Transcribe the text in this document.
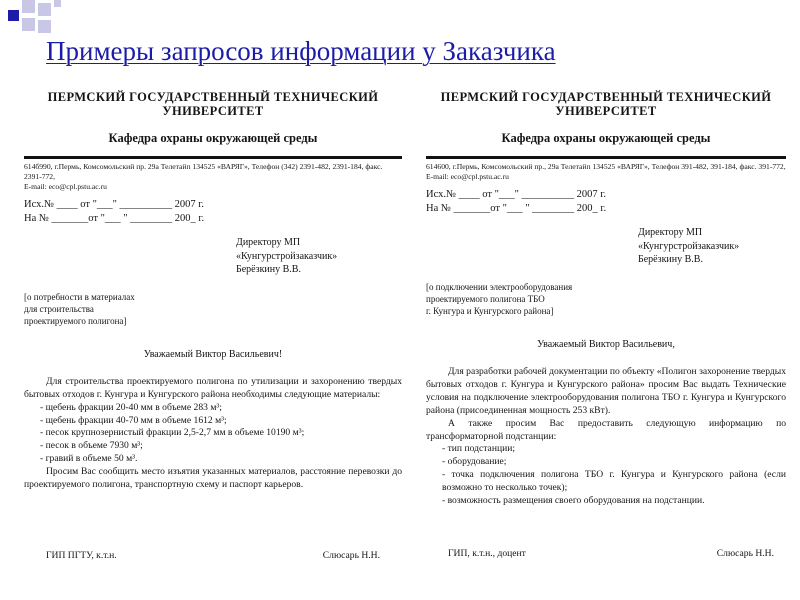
Примеры запросов информации у Заказчика
ПЕРМСКИЙ ГОСУДАРСТВЕННЫЙ ТЕХНИЧЕСКИЙ
УНИВЕРСИТЕТ
Кафедра охраны окружающей среды
614б990, г.Пермь, Комсомольский пр. 29а Телетайп 134525 «ВАРЯГ», Телефон (342) 2391-482, 2391-184, факс. 2391-772,
E-mail: eco@cpl.pstu.ac.ru
Исх.№ ____ от "___" __________ 2007 г.
На № _______от "___ " ________ 200_ г.
Директору МП
«Кунгурстройзаказчик»
Берёзкину В.В.
[о потребности в материалах
для строительства
проектируемого полигона]
Уважаемый Виктор Васильевич!

Для строительства проектируемого полигона по утилизации и захоронению твердых бытовых отходов г. Кунгура и Кунгурского района необходимы следующие материалы:

- щебень фракции 20-40 мм в объеме 283 м³;

- щебень фракции 40-70 мм в объеме 1612 м³;

- песок крупнозернистый фракции 2,5-2,7 мм в объеме 10190 м³;

- песок в объеме 7930 м³;

- гравий в объеме 50 м³.

Просим Вас сообщить место изъятия указанных материалов, расстояние перевозки до проектируемого полигона, транспортную схему и паспорт карьеров.

ГИП ПГТУ, к.т.н.	Слюсарь Н.Н.
ПЕРМСКИЙ ГОСУДАРСТВЕННЫЙ ТЕХНИЧЕСКИЙ
УНИВЕРСИТЕТ
Кафедра охраны окружающей среды
614600, г.Пермь, Комсомольский пр., 29а Телетайп 134525 «ВАРЯГ», Телефон 391-482, 391-184, факс. 391-772,
E-mail: eco@cpl.pstu.ac.ru
Исх.№ ____ от "___" __________ 2007 г.
На № _______от "___ " ________ 200_ г.
Директору МП
«Кунгурстройзаказчик»
Берёзкину В.В.
[о подключении электрооборудования
проектируемого полигона ТБО
г. Кунгура и Кунгурского района]
Уважаемый Виктор Васильевич,

Для разработки рабочей документации по объекту «Полигон захоронение твердых бытовых отходов г. Кунгура и Кунгурского района» просим Вас выдать Технические условия на подключение электрооборудования полигона ТБО г. Кунгура и Кунгурского района (присоединенная мощность 253 кВт).

А также просим Вас предоставить следующую информацию по трансформаторной подстанции:

- тип подстанции;

- оборудование;

- точка подключения полигона ТБО г. Кунгура и Кунгурского района (если возможно то несколько точек);

- возможность размещения своего оборудования на подстанции.

ГИП, к.т.н., доцент	Слюсарь Н.Н.
